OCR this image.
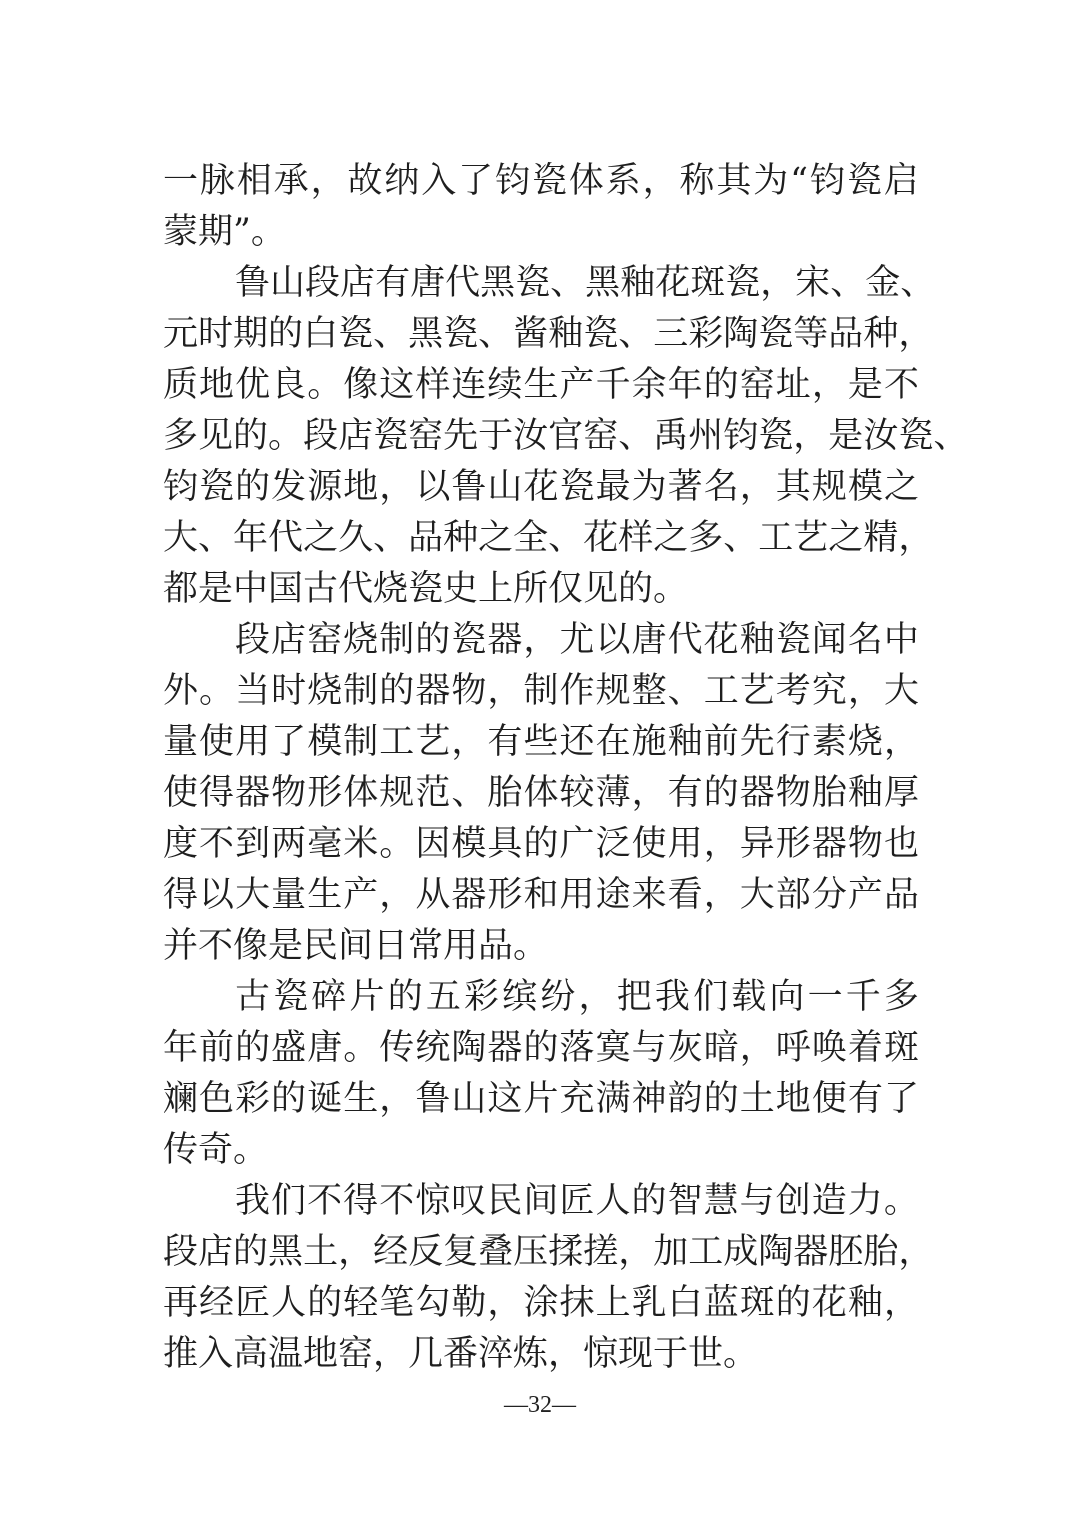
一 脉 相 承 ， 故 纳 入 了 钧 瓷 体 系 ， 称 其 为 “ 钧 瓷 启
蒙期”。
鲁 山 段 店 有 唐 代 黑 瓷 、 黑 釉 花 斑 瓷 ， 宋 、 金 、
元 时 期 的 白 瓷 、 黑 瓷 、 酱 釉 瓷 、 三 彩 陶 瓷 等 品 种 ，
质 地 优 良 。 像 这 样 连 续 生 产 千 余 年 的 窑 址 ， 是 不
多 见 的 。 段 店 瓷 窑 先 于 汝 官 窑 、 禹 州 钧 瓷 ， 是 汝 瓷 、
钧 瓷 的 发 源 地 ， 以 鲁 山 花 瓷 最 为 著 名 ， 其 规 模 之
大 、 年 代 之 久 、 品 种 之 全 、 花 样 之 多 、 工 艺 之 精 ，
都是中国古代烧瓷史上所仅见的。
段 店 窑 烧 制 的 瓷 器 ， 尤 以 唐 代 花 釉 瓷 闻 名 中
外 。 当 时 烧 制 的 器 物 ， 制 作 规 整 、 工 艺 考 究 ， 大
量 使 用 了 模 制 工 艺 ， 有 些 还 在 施 釉 前 先 行 素 烧 ，
使 得 器 物 形 体 规 范 、 胎 体 较 薄 ， 有 的 器 物 胎 釉 厚
度 不 到 两 毫 米 。 因 模 具 的 广 泛 使 用 ， 异 形 器 物 也
得 以 大 量 生 产 ， 从 器 形 和 用 途 来 看 ， 大 部 分 产 品
并不像是民间日常用品。
古 瓷 碎 片 的 五 彩 缤 纷 ， 把 我 们 载 向 一 千 多
年 前 的 盛 唐 。 传 统 陶 器 的 落 寞 与 灰 暗 ， 呼 唤 着 斑
斓 色 彩 的 诞 生 ， 鲁 山 这 片 充 满 神 韵 的 土 地 便 有 了
传奇。
我 们 不 得 不 惊 叹 民 间 匠 人 的 智 慧 与 创 造 力 。
段 店 的 黑 土 ， 经 反 复 叠 压 揉 搓 ， 加 工 成 陶 器 胚 胎 ，
再 经 匠 人 的 轻 笔 勾 勒 ， 涂 抹 上 乳 白 蓝 斑 的 花 釉 ，
推入高温地窑，几番淬炼，惊现于世。
—32—
